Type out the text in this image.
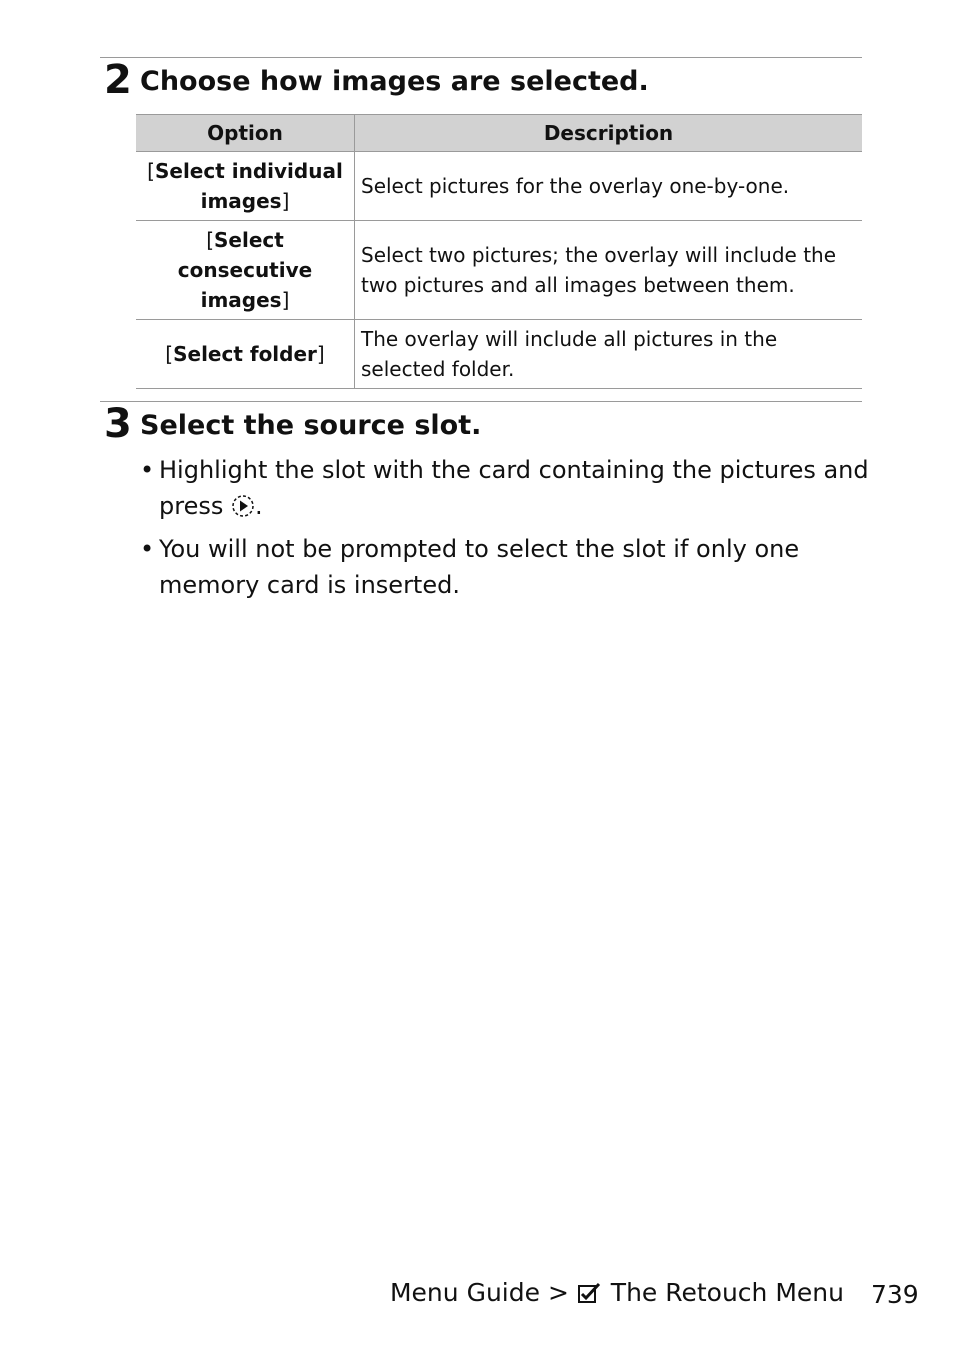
2 Choose how images are selected.
Option	Description
[Select individual images]	Select pictures for the overlay one-by-one.
[Select consecutive images]	Select two pictures; the overlay will include the two pictures and all images between them.
[Select folder]	The overlay will include all pictures in the selected folder.
3 Select the source slot.
• Highlight the slot with the card containing the pictures and press .
• You will not be prompted to select the slot if only one memory card is inserted.
Menu Guide > The Retouch Menu 739
